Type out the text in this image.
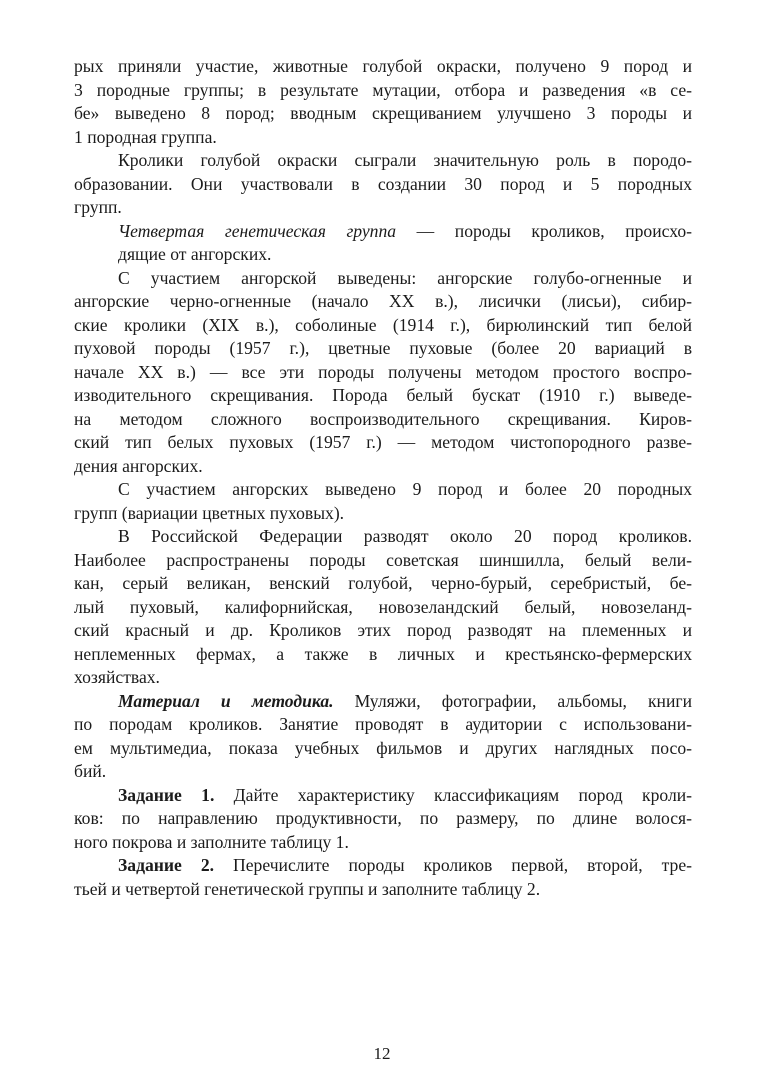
рых приняли участие, животные голубой окраски, получено 9 пород и
3 породные группы; в результате мутации, отбора и разведения «в се-
бе» выведено 8 пород; вводным скрещиванием улучшено 3 породы и
1 породная группа.
Кролики голубой окраски сыграли значительную роль в породо-
образовании. Они участвовали в создании 30 пород и 5 породных
групп.
Четвертая генетическая группа — породы кроликов, происхо-
дящие от ангорских.
С участием ангорской выведены: ангорские голубо-огненные и
ангорские черно-огненные (начало XX в.), лисички (лисьи), сибир-
ские кролики (XIX в.), соболиные (1914 г.), бирюлинский тип белой
пуховой породы (1957 г.), цветные пуховые (более 20 вариаций в
начале XX в.) — все эти породы получены методом простого воспро-
изводительного скрещивания. Порода белый бускат (1910 г.) выведе-
на методом сложного воспроизводительного скрещивания. Киров-
ский тип белых пуховых (1957 г.) — методом чистопородного разве-
дения ангорских.
С участием ангорских выведено 9 пород и более 20 породных
групп (вариации цветных пуховых).
В Российской Федерации разводят около 20 пород кроликов.
Наиболее распространены породы советская шиншилла, белый вели-
кан, серый великан, венский голубой, черно-бурый, серебристый, бе-
лый пуховый, калифорнийская, новозеландский белый, новозеланд-
ский красный и др. Кроликов этих пород разводят на племенных и
неплеменных фермах, а также в личных и крестьянско-фермерских
хозяйствах.
Материал и методика. Муляжи, фотографии, альбомы, книги
по породам кроликов. Занятие проводят в аудитории с использовани-
ем мультимедиа, показа учебных фильмов и других наглядных посо-
бий.
Задание 1. Дайте характеристику классификациям пород кроли-
ков: по направлению продуктивности, по размеру, по длине волося-
ного покрова и заполните таблицу 1.
Задание 2. Перечислите породы кроликов первой, второй, тре-
тьей и четвертой генетической группы и заполните таблицу 2.
12
